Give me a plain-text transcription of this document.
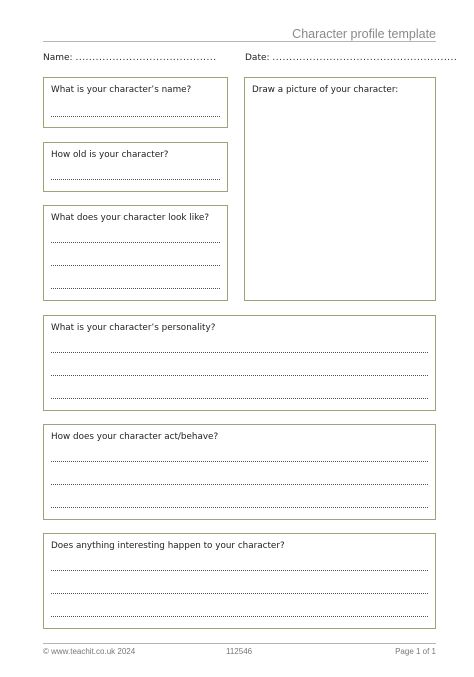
Character profile template
Name: ..........................................	Date: .......................................................
What is your character’s name?
How old is your character?
What does your character look like?
Draw a picture of your character:
What is your character’s personality?
How does your character act/behave?
Does anything interesting happen to your character?
© www.teachit.co.uk 2024	112546	Page 1 of 1
